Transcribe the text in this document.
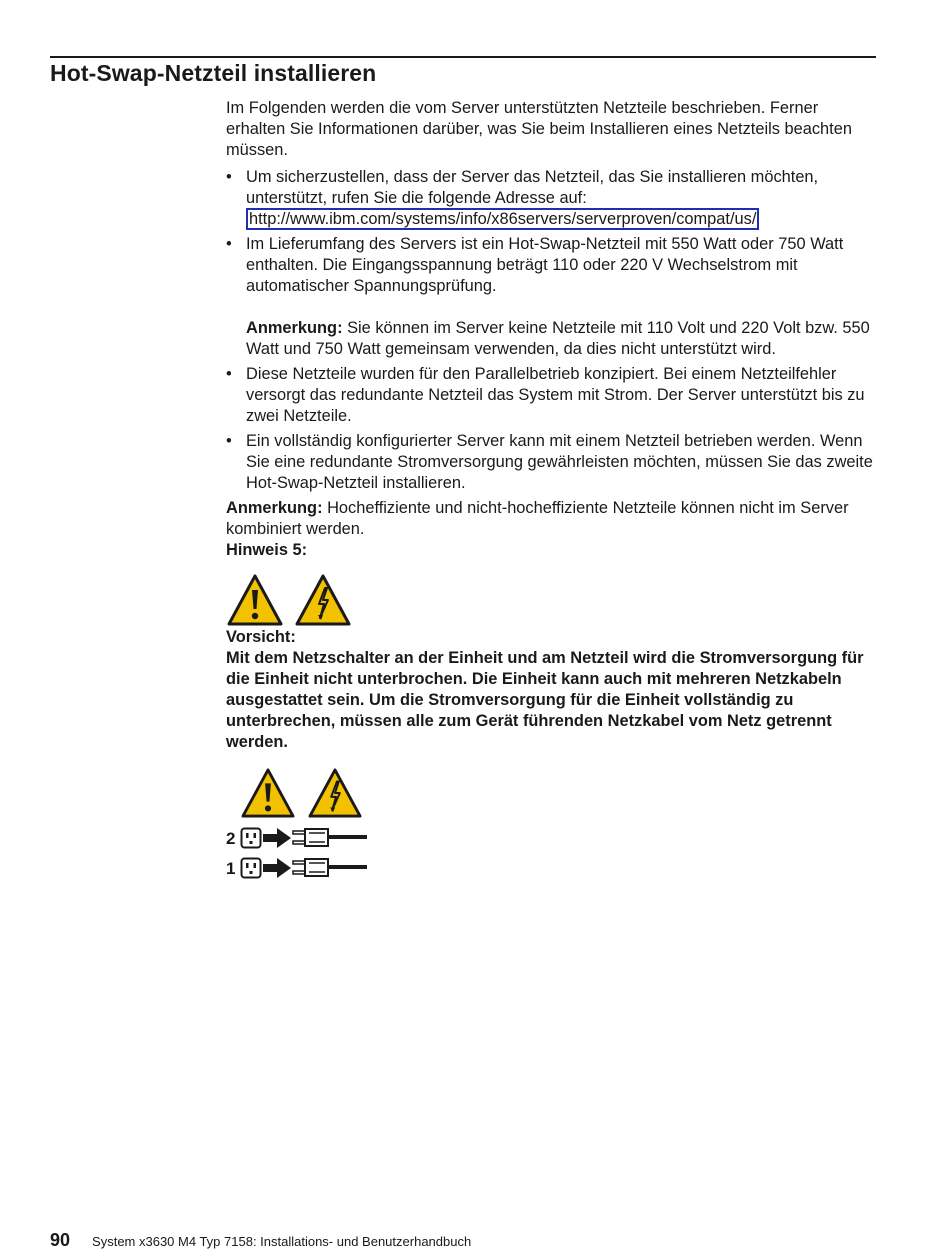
Hot-Swap-Netzteil installieren

Im Folgenden werden die vom Server unterstützten Netzteile beschrieben. Ferner erhalten Sie Informationen darüber, was Sie beim Installieren eines Netzteils beachten müssen.

• Um sicherzustellen, dass der Server das Netzteil, das Sie installieren möchten, unterstützt, rufen Sie die folgende Adresse auf: http://www.ibm.com/systems/info/x86servers/serverproven/compat/us/
• Im Lieferumfang des Servers ist ein Hot-Swap-Netzteil mit 550 Watt oder 750 Watt enthalten. Die Eingangsspannung beträgt 110 oder 220 V Wechselstrom mit automatischer Spannungsprüfung.
Anmerkung: Sie können im Server keine Netzteile mit 110 Volt und 220 Volt bzw. 550 Watt und 750 Watt gemeinsam verwenden, da dies nicht unterstützt wird.
• Diese Netzteile wurden für den Parallelbetrieb konzipiert. Bei einem Netzteilfehler versorgt das redundante Netzteil das System mit Strom. Der Server unterstützt bis zu zwei Netzteile.
• Ein vollständig konfigurierter Server kann mit einem Netzteil betrieben werden. Wenn Sie eine redundante Stromversorgung gewährleisten möchten, müssen Sie das zweite Hot-Swap-Netzteil installieren.

Anmerkung: Hocheffiziente und nicht-hocheffiziente Netzteile können nicht im Server kombiniert werden.

Hinweis 5:

Vorsicht:

Mit dem Netzschalter an der Einheit und am Netzteil wird die Stromversorgung für die Einheit nicht unterbrochen. Die Einheit kann auch mit mehreren Netzkabeln ausgestattet sein. Um die Stromversorgung für die Einheit vollständig zu unterbrechen, müssen alle zum Gerät führenden Netzkabel vom Netz getrennt werden.

2
1
90 System x3630 M4 Typ 7158: Installations- und Benutzerhandbuch
